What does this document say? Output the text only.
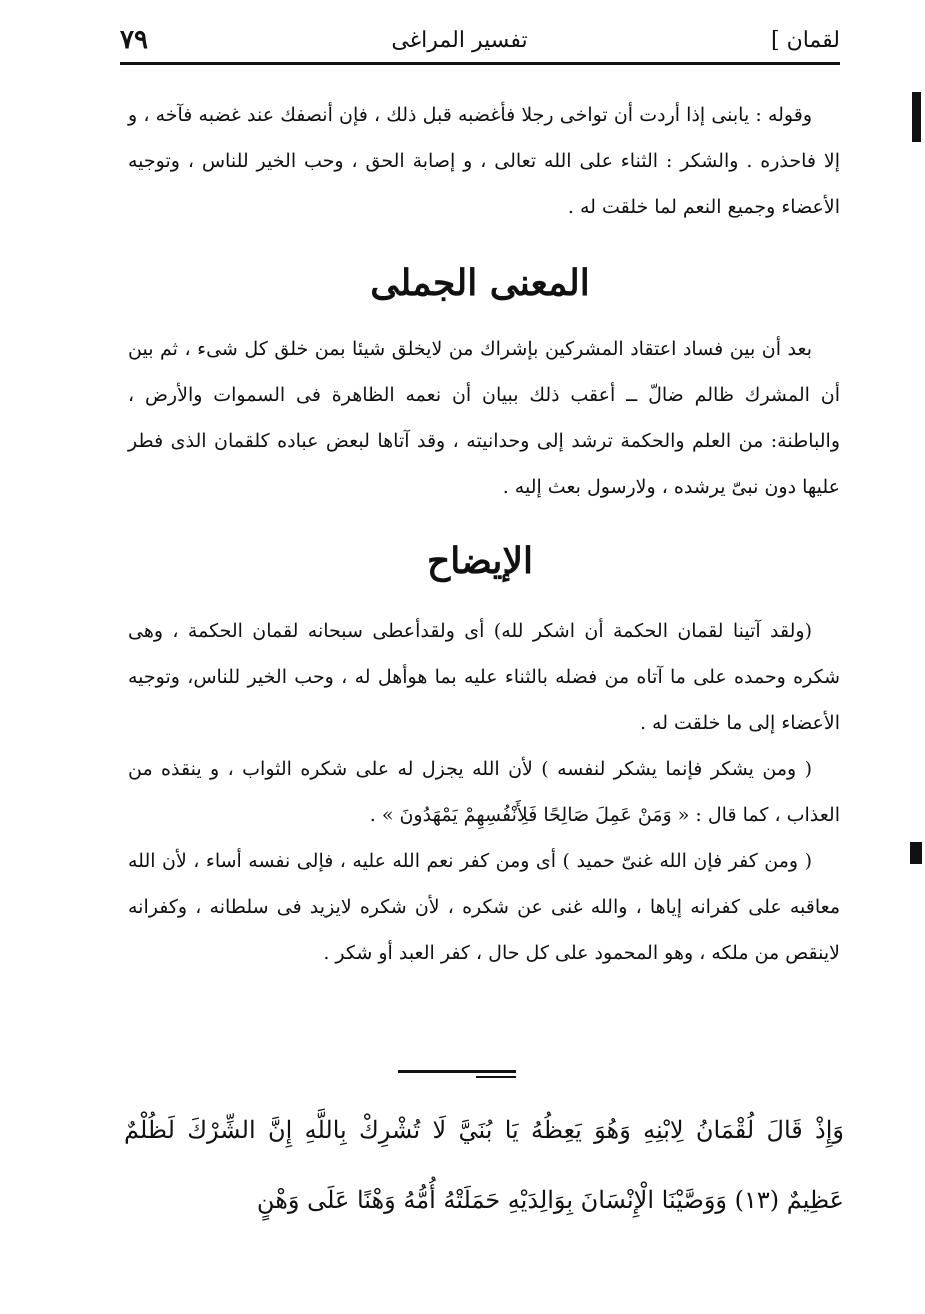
٧٩	تفسير المراغى	لقمان ]

وقوله : يابنى إذا أردت أن تواخى رجلا فأغضبه قبل ذلك ، فإن أنصفك عند غضبه فآخه ، و إلا فاحذره . والشكر : الثناء على الله تعالى ، و إصابة الحق ، وحب الخير للناس ، وتوجيه الأعضاء وجميع النعم لما خلقت له .

المعنى الجملى

بعد أن بين فساد اعتقاد المشركين بإشراك من لايخلق شيئا بمن خلق كل شىء ، ثم بين أن المشرك ظالم ضالّ ــ أعقب ذلك ببيان أن نعمه الظاهرة فى السموات والأرض ، والباطنة: من العلم والحكمة ترشد إلى وحدانيته ، وقد آتاها لبعض عباده كلقمان الذى فطر عليها دون نبىّ يرشده ، ولارسول بعث إليه .

الإيضاح

(ولقد آتينا لقمان الحكمة أن اشكر لله) أى ولقدأعطى سبحانه لقمان الحكمة ، وهى شكره وحمده على ما آتاه من فضله بالثناء عليه بما هوأهل له ، وحب الخير للناس، وتوجيه الأعضاء إلى ما خلقت له .

( ومن يشكر فإنما يشكر لنفسه ) لأن الله يجزل له على شكره الثواب ، و ينقذه من العذاب ، كما قال : « وَمَنْ عَمِلَ صَالِحًا فَلِأَنْفُسِهِمْ يَمْهَدُونَ » .

( ومن كفر فإن الله غنىّ حميد ) أى ومن كفر نعم الله عليه ، فإلى نفسه أساء ، لأن الله معاقبه على كفرانه إياها ، والله غنى عن شكره ، لأن شكره لايزيد فى سلطانه ، وكفرانه لاينقص من ملكه ، وهو المحمود على كل حال ، كفر العبد أو شكر .

وَإِذْ قَالَ لُقْمَانُ لِابْنِهِ وَهُوَ يَعِظُهُ يَا بُنَيَّ لَا تُشْرِكْ بِاللَّهِ إِنَّ الشِّرْكَ لَظُلْمٌ عَظِيمٌ (١٣) وَوَصَّيْنَا الْإِنْسَانَ بِوَالِدَيْهِ حَمَلَتْهُ أُمُّهُ وَهْنًا عَلَى وَهْنٍ
